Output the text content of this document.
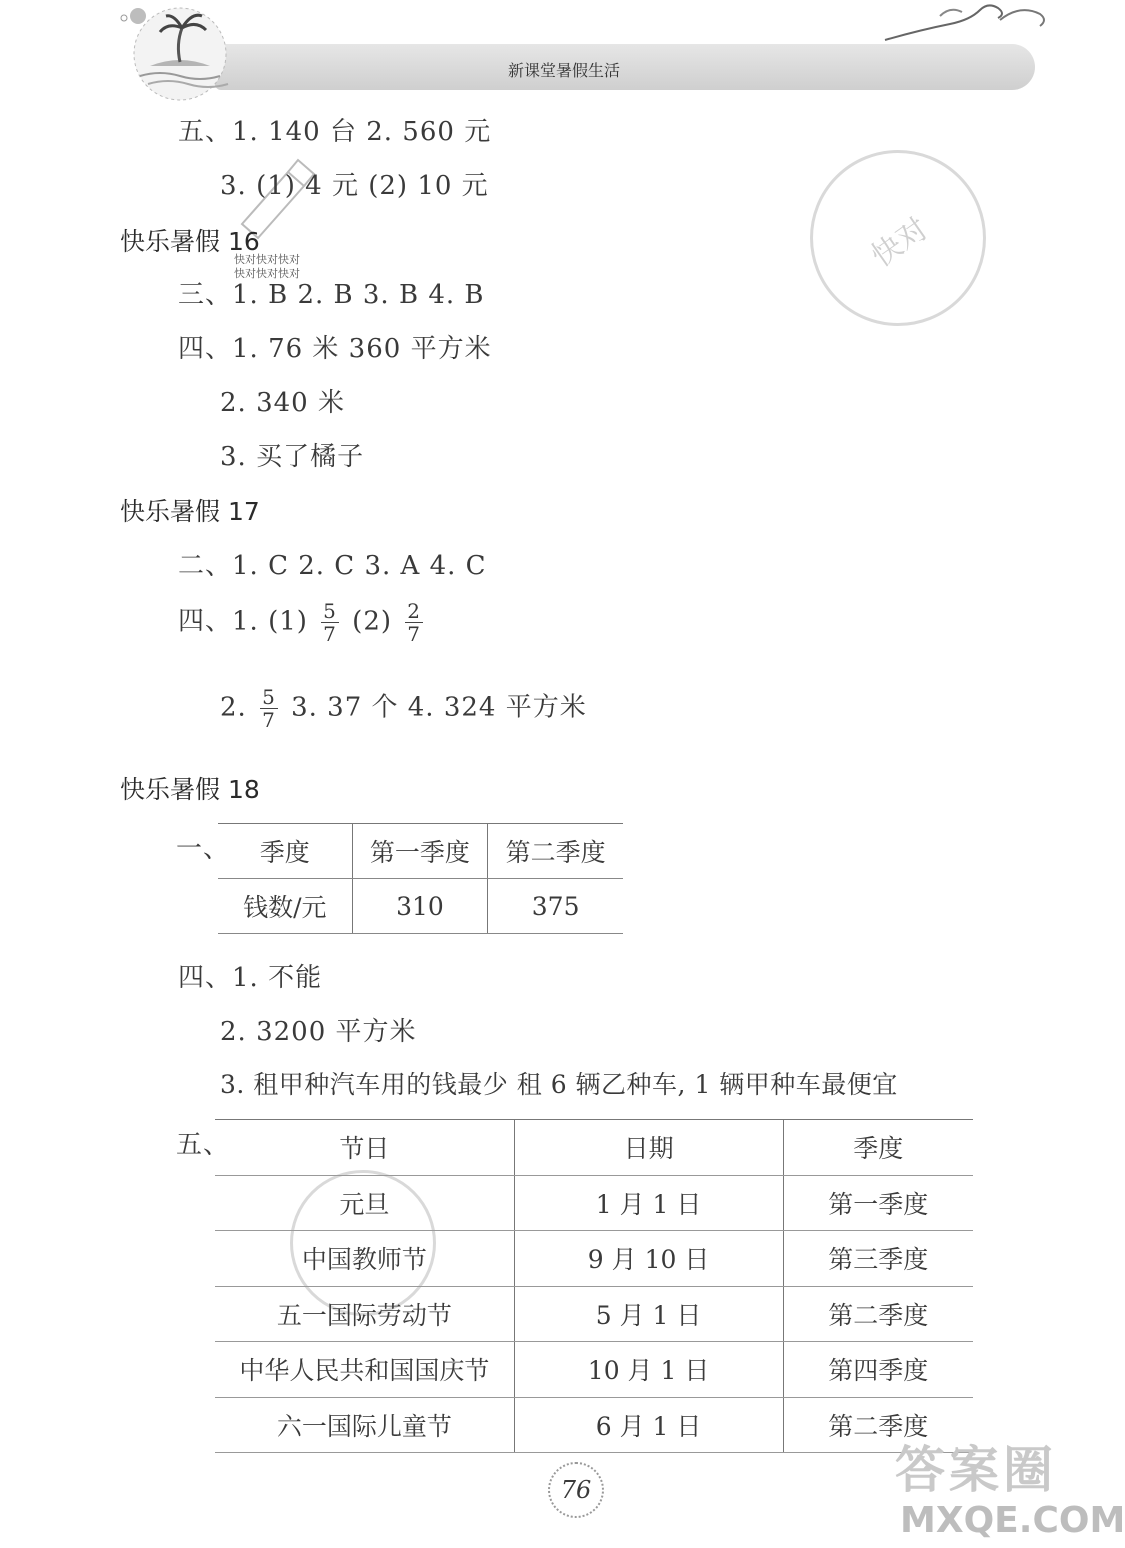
新课堂暑假生活
快对
快对快对快对
快对快对快对
五、1. 140 台 2. 560 元
3. (1) 4 元 (2) 10 元
快乐暑假 16
三、1. B 2. B 3. B 4. B
四、1. 76 米 360 平方米
2. 340 米
3. 买了橘子
快乐暑假 17
二、1. C 2. C 3. A 4. C
四、1. $(1) \frac{5}{7} (2) \frac{2}{7}$
2. $\frac{5}{7} 3$. 37 个 4. 324 平方米
快乐暑假 18
一、 季度	第一季度	第二季度
钱数/元	310	375
四、1. 不能
2. 3200 平方米
3. 租甲种汽车用的钱最少 租 6 辆乙种车, 1 辆甲种车最便宜
五、	节日	日期	季度
元旦	1 月 1 日	第一季度
中国教师节	9 月 10 日	第三季度
五一国际劳动节	5 月 1 日	第二季度
中华人民共和国国庆节	10 月 1 日	第四季度
六一国际儿童节	6 月 1 日	第二季度
76	答案圈
MXQE.COM
